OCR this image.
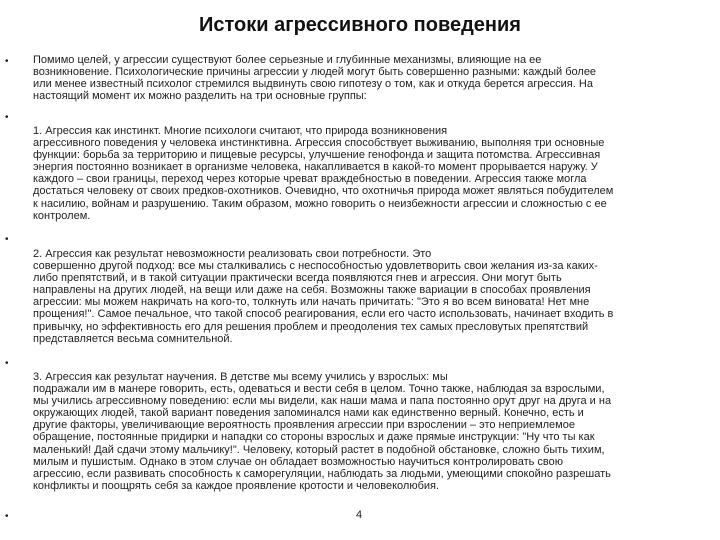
Истоки агрессивного поведения
•
•
•
•
•

Помимо целей, у агрессии существуют более серьезные и глубинные механизмы, влияющие на ее
возникновение. Психологические причины агрессии у людей могут быть совершенно разными: каждый более
или менее известный психолог стремился выдвинуть свою гипотезу о том, как и откуда берется агрессия. На
настоящий момент их можно разделить на три основные группы:

1. Агрессия как инстинкт. Многие психологи считают, что природа возникновения
агрессивного поведения у человека инстинктивна. Агрессия способствует выживанию, выполняя три основные
функции: борьба за территорию и пищевые ресурсы, улучшение генофонда и защита потомства. Агрессивная
энергия постоянно возникает в организме человека, накапливается в какой-то момент прорывается наружу. У
каждого – свои границы, переход через которые чреват враждебностью в поведении. Агрессия также могла
достаться человеку от своих предков-охотников. Очевидно, что охотничья природа может являться побудителем
к насилию, войнам и разрушению. Таким образом, можно говорить о неизбежности агрессии и сложностью с ее
контролем.

2. Агрессия как результат невозможности реализовать свои потребности. Это
совершенно другой подход: все мы сталкивались с неспособностью удовлетворить свои желания из-за каких-
либо препятствий, и в такой ситуации практически всегда появляются гнев и агрессия. Они могут быть
направлены на других людей, на вещи или даже на себя. Возможны также вариации в способах проявления
агрессии: мы можем накричать на кого-то, толкнуть или начать причитать: "Это я во всем виновата! Нет мне
прощения!". Самое печальное, что такой способ реагирования, если его часто использовать, начинает входить в
привычку, но эффективность его для решения проблем и преодоления тех самых пресловутых препятствий
представляется весьма сомнительной.

3. Агрессия как результат научения. В детстве мы всему учились у взрослых: мы
подражали им в манере говорить, есть, одеваться и вести себя в целом. Точно также, наблюдая за взрослыми,
мы учились агрессивному поведению: если мы видели, как наши мама и папа постоянно орут друг на друга и на
окружающих людей, такой вариант поведения запоминался нами как единственно верный. Конечно, есть и
другие факторы, увеличивающие вероятность проявления агрессии при взрослении – это неприемлемое
обращение, постоянные придирки и нападки со стороны взрослых и даже прямые инструкции: "Ну что ты как
маленький! Дай сдачи этому мальчику!". Человеку, который растет в подобной обстановке, сложно быть тихим,
милым и пушистым. Однако в этом случае он обладает возможностью научиться контролировать свою
агрессию, если развивать способность к саморегуляции, наблюдать за людьми, умеющими спокойно разрешать
конфликты и поощрять себя за каждое проявление кротости и человеколюбия.

4
